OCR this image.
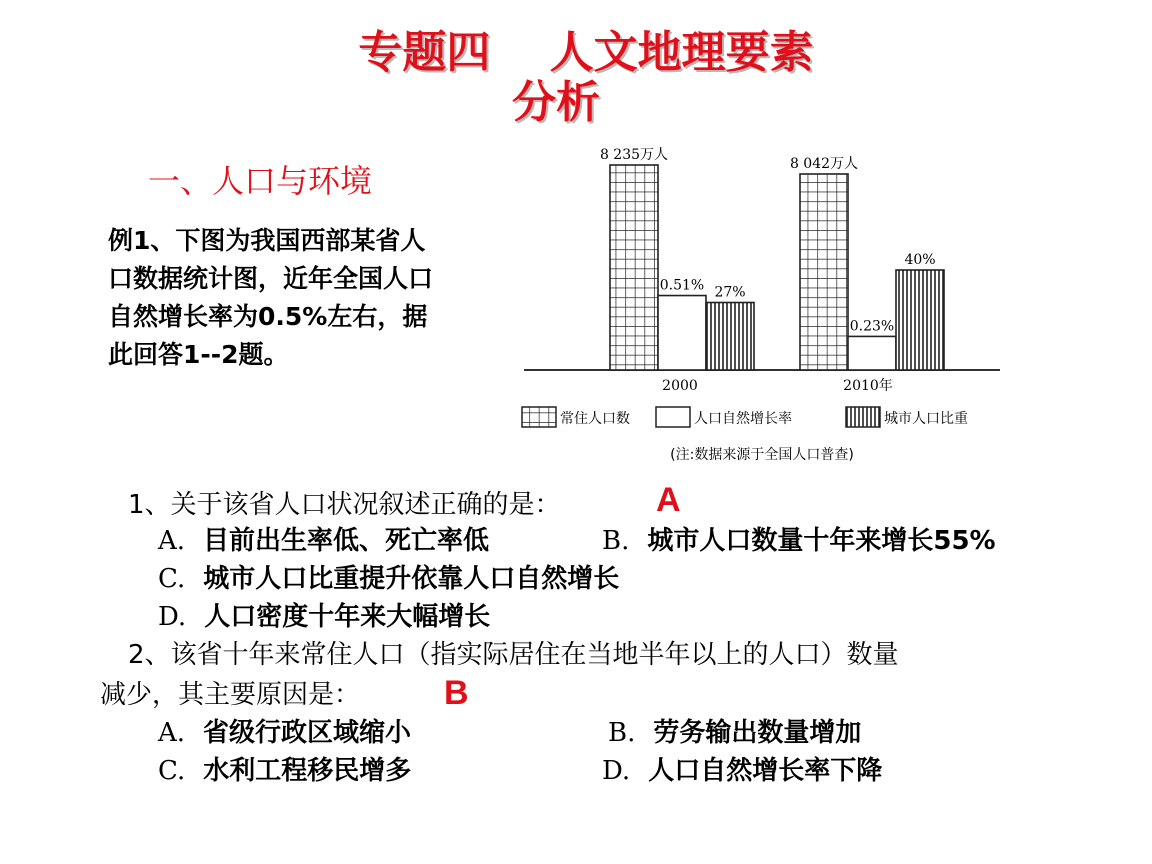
专题四　 人文地理要素
分析
一、人口与环境
例1、下图为我国西部某省人口数据统计图，近年全国人口自然增长率为0.5%左右，据此回答1--2题。
8 235万人
0.51% 27%
8 042万人
0.23%
40%
2000	2010年
常住人口数	人口自然增长率	城市人口比重
(注:数据来源于全国人口普查)
1、关于该省人口状况叙述正确的是：	A
A. 目前出生率低、死亡率低	B. 城市人口数量十年来增长55%
C. 城市人口比重提升依靠人口自然增长
D. 人口密度十年来大幅增长
2、该省十年来常住人口（指实际居住在当地半年以上的人口）数量
减少，其主要原因是： B
A. 省级行政区域缩小	B. 劳务输出数量增加
C. 水利工程移民增多	D. 人口自然增长率下降
